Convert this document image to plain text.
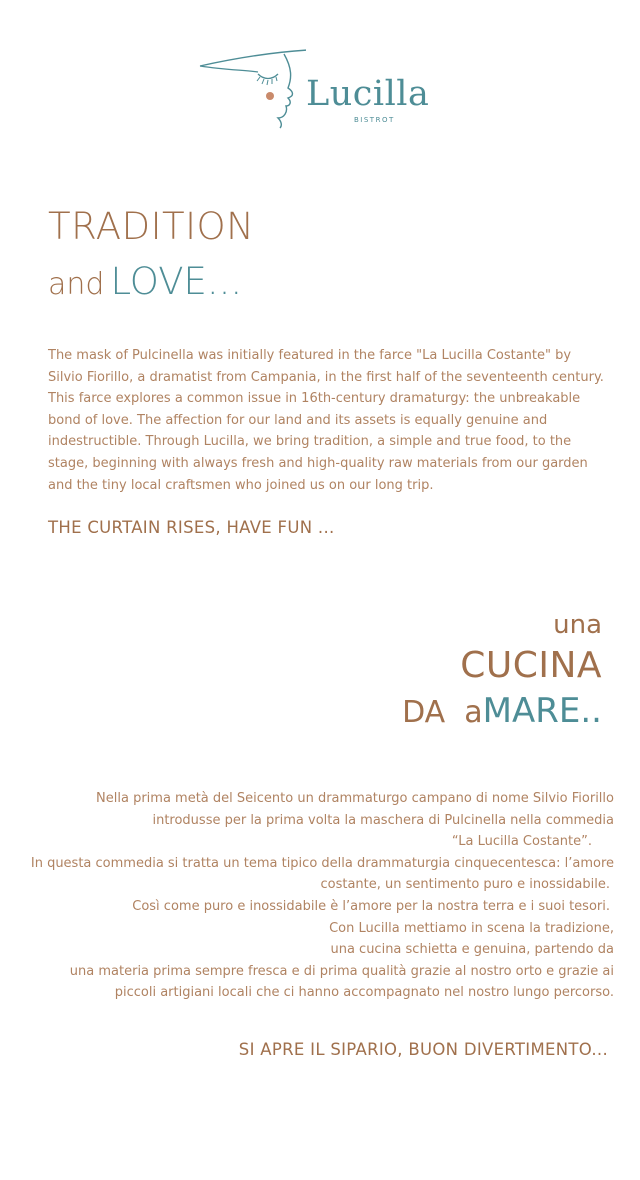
Lucilla
BISTROT
TRADITION
and LOVE...

The mask of Pulcinella was initially featured in the farce "La Lucilla Costante" by Silvio Fiorillo, a dramatist from Campania, in the first half of the seventeenth century. This farce explores a common issue in 16th-century dramaturgy: the unbreakable bond of love. The affection for our land and its assets is equally genuine and indestructible. Through Lucilla, we bring tradition, a simple and true food, to the stage, beginning with always fresh and high-quality raw materials from our garden and the tiny local craftsmen who joined us on our long trip.

THE CURTAIN RISES, HAVE FUN ...
una
CUCINA
DA  aMARE..

Nella prima metà del Seicento un drammaturgo campano di nome Silvio Fiorillo
introdusse per la prima volta la maschera di Pulcinella nella commedia
“La Lucilla Costante”.
In questa commedia si tratta un tema tipico della drammaturgia cinquecentesca: l’amore
costante, un sentimento puro e inossidabile.
Così come puro e inossidabile è l’amore per la nostra terra e i suoi tesori.
Con Lucilla mettiamo in scena la tradizione,
una cucina schietta e genuina, partendo da
una materia prima sempre fresca e di prima qualità grazie al nostro orto e grazie ai
piccoli artigiani locali che ci hanno accompagnato nel nostro lungo percorso.

SI APRE IL SIPARIO, BUON DIVERTIMENTO...
